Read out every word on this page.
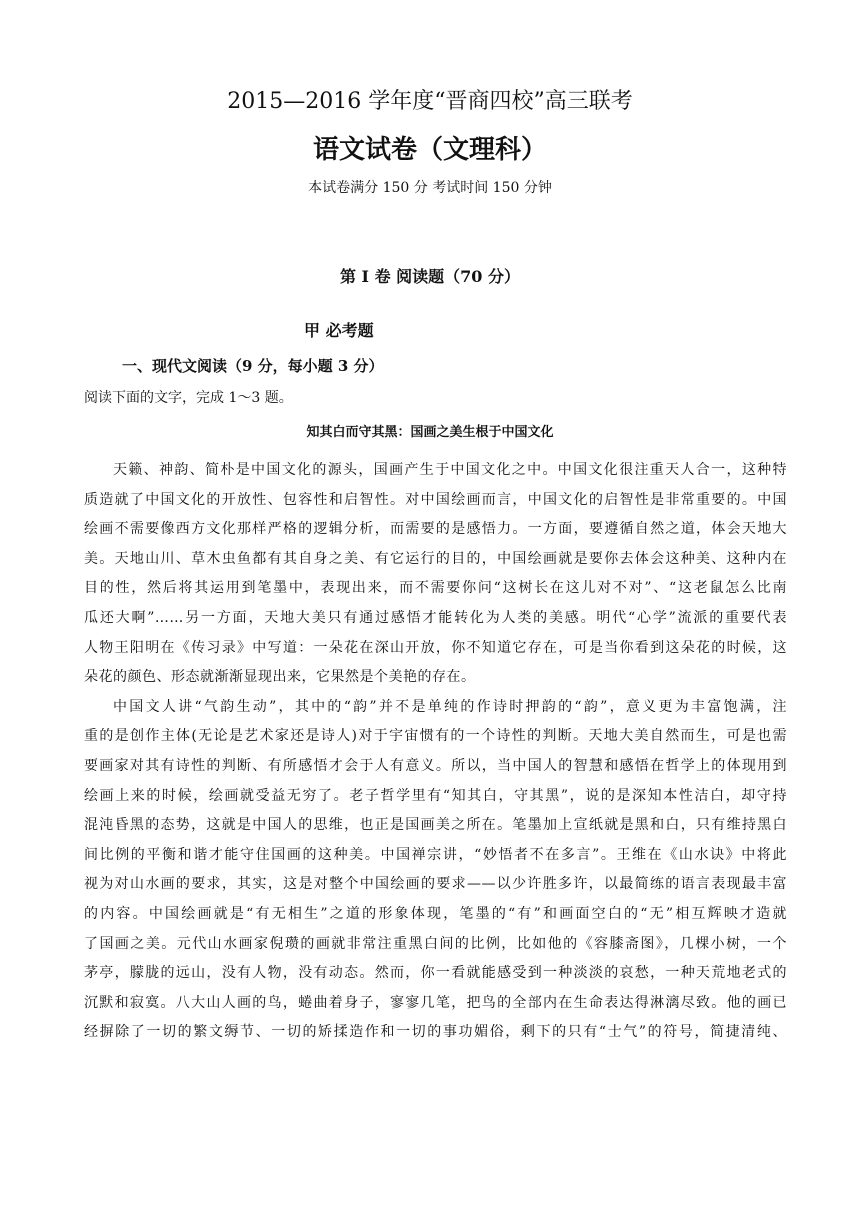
2015—2016 学年度“晋商四校”高三联考
语文试卷（文理科）
本试卷满分 150 分 考试时间 150 分钟
第 I 卷 阅读题（70 分）
甲 必考题
一、现代文阅读（9 分，每小题 3 分）
阅读下面的文字，完成 1～3 题。
知其白而守其黑：国画之美生根于中国文化
天籁、神韵、简朴是中国文化的源头，国画产生于中国文化之中。中国文化很注重天人合一，这种特
质造就了中国文化的开放性、包容性和启智性。对中国绘画而言，中国文化的启智性是非常重要的。中国
绘画不需要像西方文化那样严格的逻辑分析，而需要的是感悟力。一方面，要遵循自然之道，体会天地大
美。天地山川、草木虫鱼都有其自身之美、有它运行的目的，中国绘画就是要你去体会这种美、这种内在
目的性，然后将其运用到笔墨中，表现出来，而不需要你问“这树长在这儿对不对”、“这老鼠怎么比南
瓜还大啊”……另一方面，天地大美只有通过感悟才能转化为人类的美感。明代“心学”流派的重要代表
人物王阳明在《传习录》中写道：一朵花在深山开放，你不知道它存在，可是当你看到这朵花的时候，这
朵花的颜色、形态就渐渐显现出来，它果然是个美艳的存在。
中国文人讲“气韵生动”，其中的“韵”并不是单纯的作诗时押韵的“韵”，意义更为丰富饱满，注
重的是创作主体(无论是艺术家还是诗人)对于宇宙惯有的一个诗性的判断。天地大美自然而生，可是也需
要画家对其有诗性的判断、有所感悟才会于人有意义。所以，当中国人的智慧和感悟在哲学上的体现用到
绘画上来的时候，绘画就受益无穷了。老子哲学里有“知其白，守其黑”，说的是深知本性洁白，却守持
混沌昏黑的态势，这就是中国人的思维，也正是国画美之所在。笔墨加上宣纸就是黑和白，只有维持黑白
间比例的平衡和谐才能守住国画的这种美。中国禅宗讲，“妙悟者不在多言”。王维在《山水诀》中将此
视为对山水画的要求，其实，这是对整个中国绘画的要求——以少许胜多许，以最简练的语言表现最丰富
的内容。中国绘画就是“有无相生”之道的形象体现，笔墨的“有”和画面空白的“无”相互辉映才造就
了国画之美。元代山水画家倪瓒的画就非常注重黑白间的比例，比如他的《容膝斋图》，几棵小树，一个
茅亭，朦胧的远山，没有人物，没有动态。然而，你一看就能感受到一种淡淡的哀愁，一种天荒地老式的
沉默和寂寞。八大山人画的鸟，蜷曲着身子，寥寥几笔，把鸟的全部内在生命表达得淋漓尽致。他的画已
经摒除了一切的繁文缛节、一切的矫揉造作和一切的事功媚俗，剩下的只有“士气”的符号，简捷清纯、
